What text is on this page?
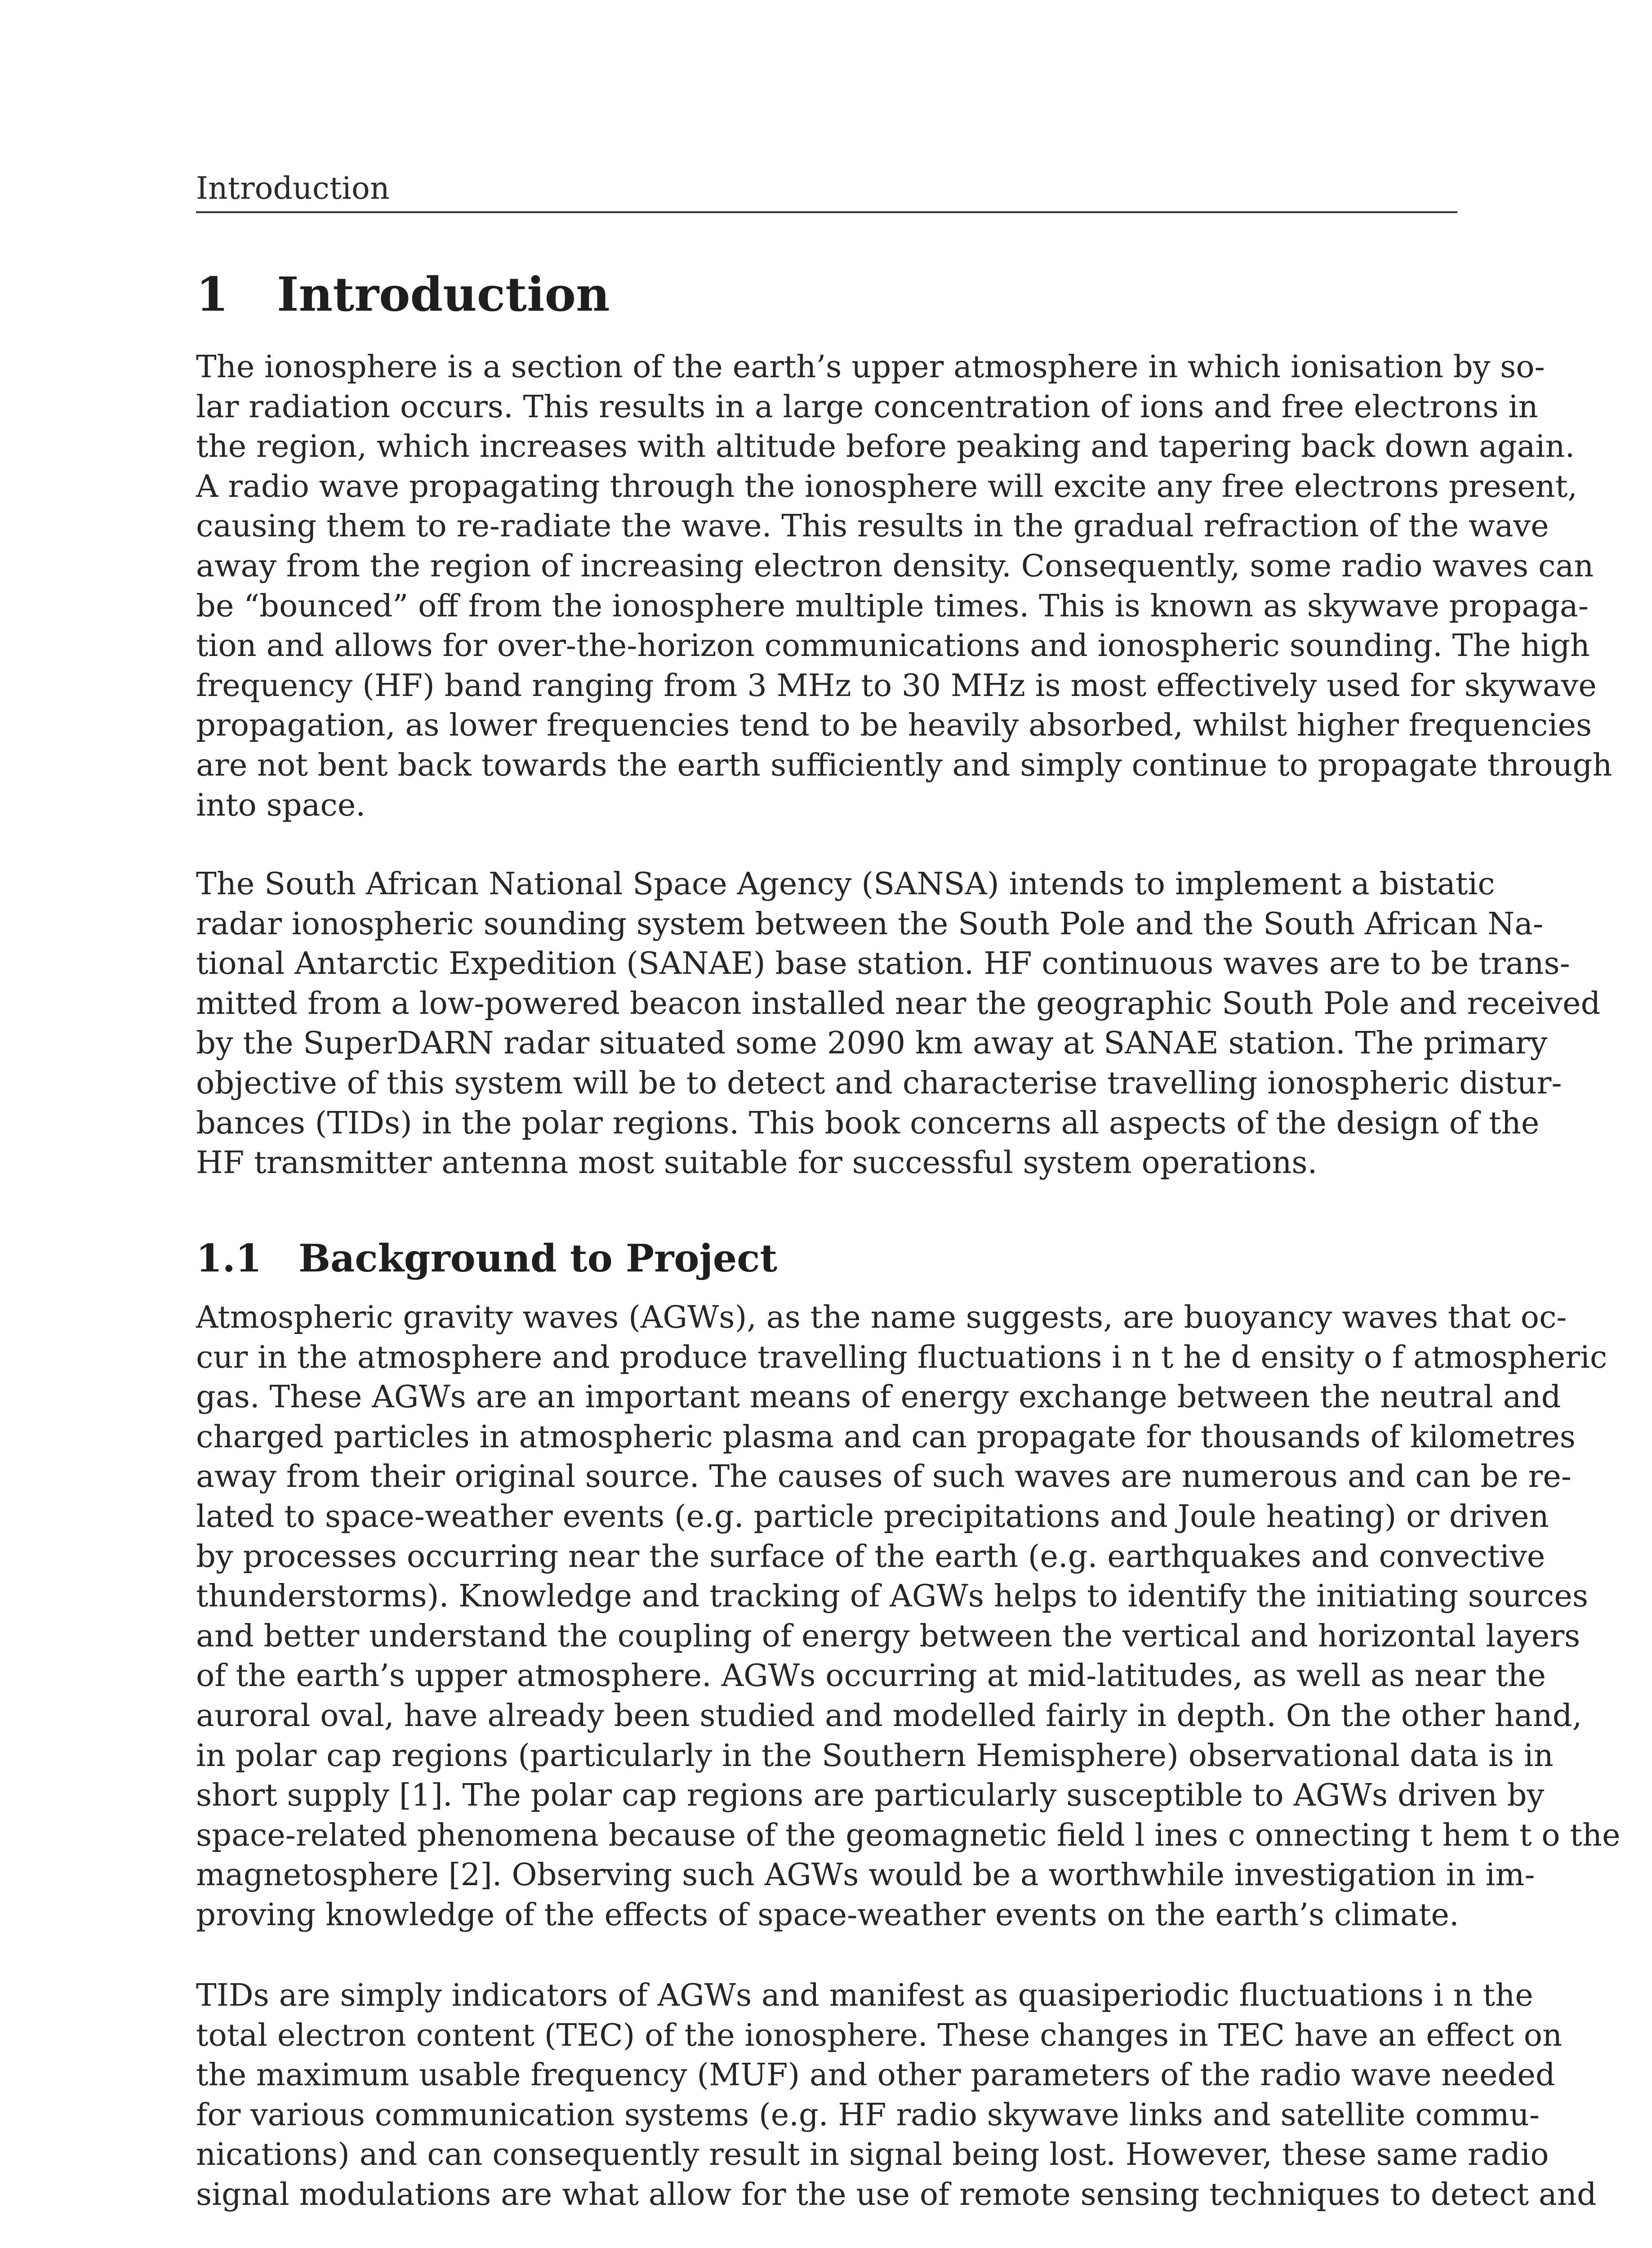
Introduction
1 Introduction
The ionosphere is a section of the earth’s upper atmosphere in which ionisation by so-
lar radiation occurs. This results in a large concentration of ions and free electrons in
the region, which increases with altitude before peaking and tapering back down again.
A radio wave propagating through the ionosphere will excite any free electrons present,
causing them to re-radiate the wave. This results in the gradual refraction of the wave
away from the region of increasing electron density. Consequently, some radio waves can
be “bounced” off from the ionosphere multiple times. This is known as skywave propaga-
tion and allows for over-the-horizon communications and ionospheric sounding. The high
frequency (HF) band ranging from 3 MHz to 30 MHz is most effectively used for skywave
propagation, as lower frequencies tend to be heavily absorbed, whilst higher frequencies
are not bent back towards the earth sufficiently and simply continue to propagate through
into space.
The South African National Space Agency (SANSA) intends to implement a bistatic
radar ionospheric sounding system between the South Pole and the South African Na-
tional Antarctic Expedition (SANAE) base station. HF continuous waves are to be trans-
mitted from a low-powered beacon installed near the geographic South Pole and received
by the SuperDARN radar situated some 2090 km away at SANAE station. The primary
objective of this system will be to detect and characterise travelling ionospheric distur-
bances (TIDs) in the polar regions. This book concerns all aspects of the design of the
HF transmitter antenna most suitable for successful system operations.
1.1 Background to Project
Atmospheric gravity waves (AGWs), as the name suggests, are buoyancy waves that oc-
cur in the atmosphere and produce travelling fluctuations i n t he d ensity o f atmospheric
gas. These AGWs are an important means of energy exchange between the neutral and
charged particles in atmospheric plasma and can propagate for thousands of kilometres
away from their original source. The causes of such waves are numerous and can be re-
lated to space-weather events (e.g. particle precipitations and Joule heating) or driven
by processes occurring near the surface of the earth (e.g. earthquakes and convective
thunderstorms). Knowledge and tracking of AGWs helps to identify the initiating sources
and better understand the coupling of energy between the vertical and horizontal layers
of the earth’s upper atmosphere. AGWs occurring at mid-latitudes, as well as near the
auroral oval, have already been studied and modelled fairly in depth. On the other hand,
in polar cap regions (particularly in the Southern Hemisphere) observational data is in
short supply [1]. The polar cap regions are particularly susceptible to AGWs driven by
space-related phenomena because of the geomagnetic field l ines c onnecting t hem t o the
magnetosphere [2]. Observing such AGWs would be a worthwhile investigation in im-
proving knowledge of the effects of space-weather events on the earth’s climate.
TIDs are simply indicators of AGWs and manifest as quasiperiodic fluctuations i n the
total electron content (TEC) of the ionosphere. These changes in TEC have an effect on
the maximum usable frequency (MUF) and other parameters of the radio wave needed
for various communication systems (e.g. HF radio skywave links and satellite commu-
nications) and can consequently result in signal being lost. However, these same radio
signal modulations are what allow for the use of remote sensing techniques to detect and
